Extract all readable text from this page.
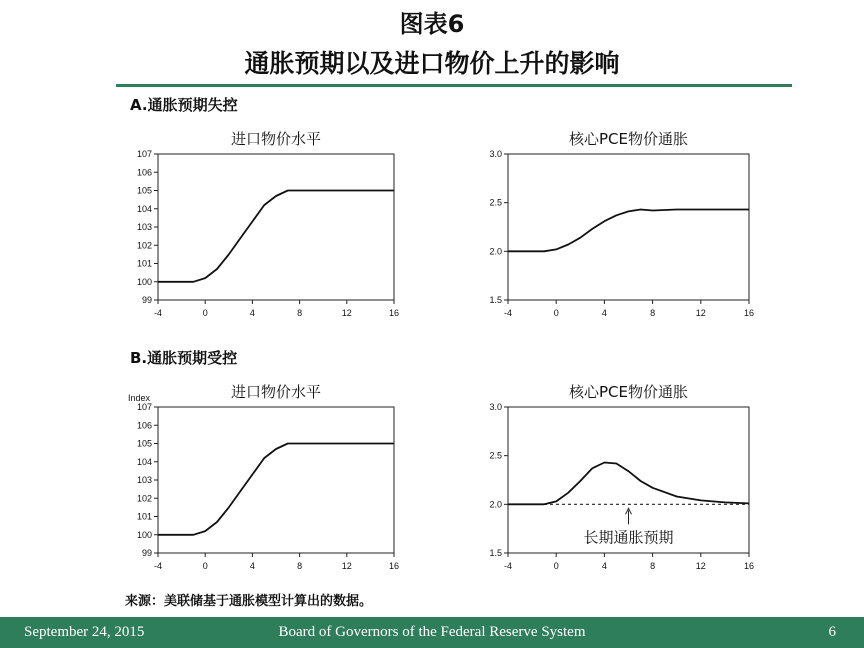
图表6
通胀预期以及进口物价上升的影响
A.通胀预期失控
B.通胀预期受控
进口物价水平
99
100
101
102
103
104
105
106
107
-4	0	4	8	12	16
核心PCE物价通胀
1.5
2.0
2.5
3.0
-4	0	4	8	12	16
进口物价水平
Index
99
100
101
102
103
104
105
106
107
-4	0	4	8	12	16
核心PCE物价通胀
1.5
2.0
2.5
3.0
-4	0	4	8	12	16
长期通胀预期
来源：美联储基于通胀模型计算出的数据。
September 24, 2015	Board of Governors of the Federal Reserve System	6
